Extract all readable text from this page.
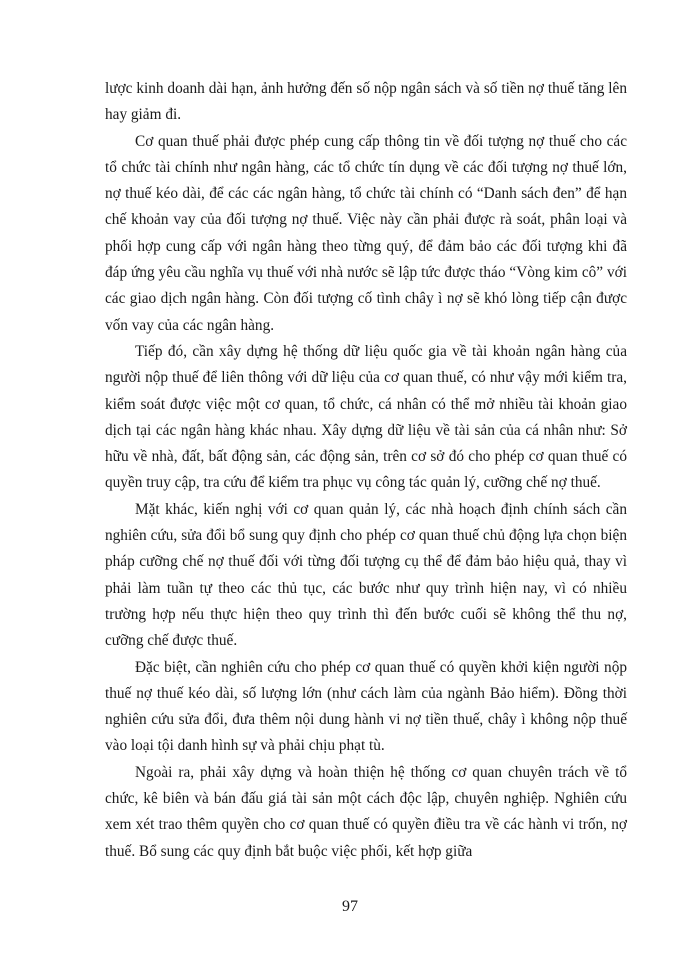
lược kinh doanh dài hạn, ảnh hưởng đến số nộp ngân sách và số tiền nợ thuế tăng lên hay giảm đi.

Cơ quan thuế phải được phép cung cấp thông tin về đối tượng nợ thuế cho các tổ chức tài chính như ngân hàng, các tổ chức tín dụng về các đối tượng nợ thuế lớn, nợ thuế kéo dài, để các các ngân hàng, tổ chức tài chính có “Danh sách đen” để hạn chế khoản vay của đối tượng nợ thuế. Việc này cần phải được rà soát, phân loại và phối hợp cung cấp với ngân hàng theo từng quý, để đảm bảo các đối tượng khi đã đáp ứng yêu cầu nghĩa vụ thuế với nhà nước sẽ lập tức được tháo “Vòng kim cô” với các giao dịch ngân hàng. Còn đối tượng cố tình chây ì nợ sẽ khó lòng tiếp cận được vốn vay của các ngân hàng.

Tiếp đó, cần xây dựng hệ thống dữ liệu quốc gia về tài khoản ngân hàng của người nộp thuế để liên thông với dữ liệu của cơ quan thuế, có như vậy mới kiểm tra, kiểm soát được việc một cơ quan, tổ chức, cá nhân có thể mở nhiều tài khoản giao dịch tại các ngân hàng khác nhau. Xây dựng dữ liệu về tài sản của cá nhân như: Sở hữu về nhà, đất, bất động sản, các động sản, trên cơ sở đó cho phép cơ quan thuế có quyền truy cập, tra cứu để kiểm tra phục vụ công tác quản lý, cưỡng chế nợ thuế.

Mặt khác, kiến nghị với cơ quan quản lý, các nhà hoạch định chính sách cần nghiên cứu, sửa đổi bổ sung quy định cho phép cơ quan thuế chủ động lựa chọn biện pháp cưỡng chế nợ thuế đối với từng đối tượng cụ thể để đảm bảo hiệu quả, thay vì phải làm tuần tự theo các thủ tục, các bước như quy trình hiện nay, vì có nhiều trường hợp nếu thực hiện theo quy trình thì đến bước cuối sẽ không thể thu nợ, cưỡng chế được thuế.

Đặc biệt, cần nghiên cứu cho phép cơ quan thuế có quyền khởi kiện người nộp thuế nợ thuế kéo dài, số lượng lớn (như cách làm của ngành Bảo hiểm). Đồng thời nghiên cứu sửa đổi, đưa thêm nội dung hành vi nợ tiền thuế, chây ì không nộp thuế vào loại tội danh hình sự và phải chịu phạt tù.

Ngoài ra, phải xây dựng và hoàn thiện hệ thống cơ quan chuyên trách về tổ chức, kê biên và bán đấu giá tài sản một cách độc lập, chuyên nghiệp. Nghiên cứu xem xét trao thêm quyền cho cơ quan thuế có quyền điều tra về các hành vi trốn, nợ thuế. Bổ sung các quy định bắt buộc việc phối, kết hợp giữa

97
